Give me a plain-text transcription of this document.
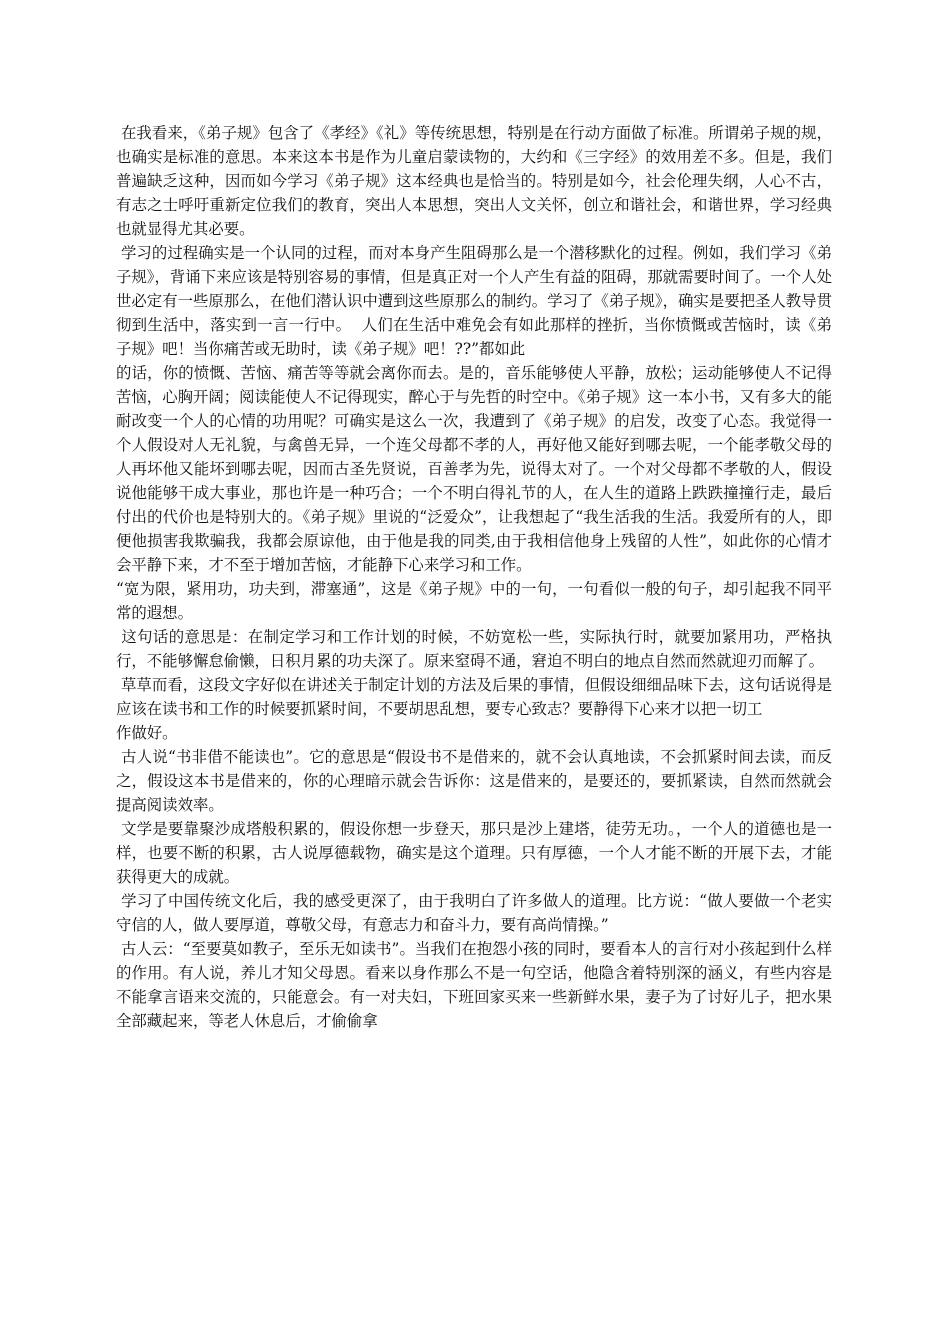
在我看来，《弟子规》包含了《孝经》《礼》等传统思想，特别是在行动方面做了标准。所谓弟子规的规，也确实是标准的意思。本来这本书是作为儿童启蒙读物的，大约和《三字经》的效用差不多。但是，我们普遍缺乏这种，因而如今学习《弟子规》这本经典也是恰当的。特别是如今，社会伦理失纲，人心不古，有志之士呼吁重新定位我们的教育，突出人本思想，突出人文关怀，创立和谐社会，和谐世界，学习经典也就显得尤其必要。

学习的过程确实是一个认同的过程，而对本身产生阻碍那么是一个潜移默化的过程。例如，我们学习《弟子规》，背诵下来应该是特别容易的事情，但是真正对一个人产生有益的阻碍，那就需要时间了。一个人处世必定有一些原那么，在他们潜认识中遭到这些原那么的制约。学习了《弟子规》，确实是要把圣人教导贯彻到生活中，落实到一言一行中。  人们在生活中难免会有如此那样的挫折，当你愤慨或苦恼时，读《弟子规》吧！当你痛苦或无助时，读《弟子规》吧！??”都如此

的话，你的愤慨、苦恼、痛苦等等就会离你而去。是的，音乐能够使人平静，放松；运动能够使人不记得苦恼，心胸开阔；阅读能使人不记得现实，醉心于与先哲的时空中。《弟子规》这一本小书，又有多大的能耐改变一个人的心情的功用呢？可确实是这么一次，我遭到了《弟子规》的启发，改变了心态。我觉得一个人假设对人无礼貌，与禽兽无异，一个连父母都不孝的人，再好他又能好到哪去呢，一个能孝敬父母的人再坏他又能坏到哪去呢，因而古圣先贤说，百善孝为先，说得太对了。一个对父母都不孝敬的人，假设说他能够干成大事业，那也许是一种巧合；一个不明白得礼节的人，在人生的道路上跌跌撞撞行走，最后付出的代价也是特别大的。《弟子规》里说的“泛爱众”，让我想起了“我生活我的生活。我爱所有的人，即便他损害我欺骗我，我都会原谅他，由于他是我的同类,由于我相信他身上残留的人性”，如此你的心情才会平静下来，才不至于增加苦恼，才能静下心来学习和工作。

“宽为限，紧用功，功夫到，滞塞通”，这是《弟子规》中的一句，一句看似一般的句子，却引起我不同平常的遐想。

这句话的意思是：在制定学习和工作计划的时候，不妨宽松一些，实际执行时，就要加紧用功，严格执行，不能够懈怠偷懒，日积月累的功夫深了。原来窒碍不通，窘迫不明白的地点自然而然就迎刃而解了。

草草而看，这段文字好似在讲述关于制定计划的方法及后果的事情，但假设细细品味下去，这句话说得是应该在读书和工作的时候要抓紧时间，不要胡思乱想，要专心致志？要静得下心来才以把一切工

作做好。

古人说“书非借不能读也”。它的意思是“假设书不是借来的，就不会认真地读，不会抓紧时间去读，而反之，假设这本书是借来的，你的心理暗示就会告诉你：这是借来的，是要还的，要抓紧读，自然而然就会提高阅读效率。

文学是要靠聚沙成塔般积累的，假设你想一步登天，那只是沙上建塔，徒劳无功。，一个人的道德也是一样，也要不断的积累，古人说厚德载物，确实是这个道理。只有厚德，一个人才能不断的开展下去，才能获得更大的成就。

学习了中国传统文化后，我的感受更深了，由于我明白了许多做人的道理。比方说：“做人要做一个老实守信的人，做人要厚道，尊敬父母，有意志力和奋斗力，要有高尚情操。”

古人云：“至要莫如教子，至乐无如读书”。当我们在抱怨小孩的同时，要看本人的言行对小孩起到什么样的作用。有人说，养儿才知父母恩。看来以身作那么不是一句空话，他隐含着特别深的涵义，有些内容是不能拿言语来交流的，只能意会。有一对夫妇，下班回家买来一些新鲜水果，妻子为了讨好儿子，把水果全部藏起来，等老人休息后，才偷偷拿
